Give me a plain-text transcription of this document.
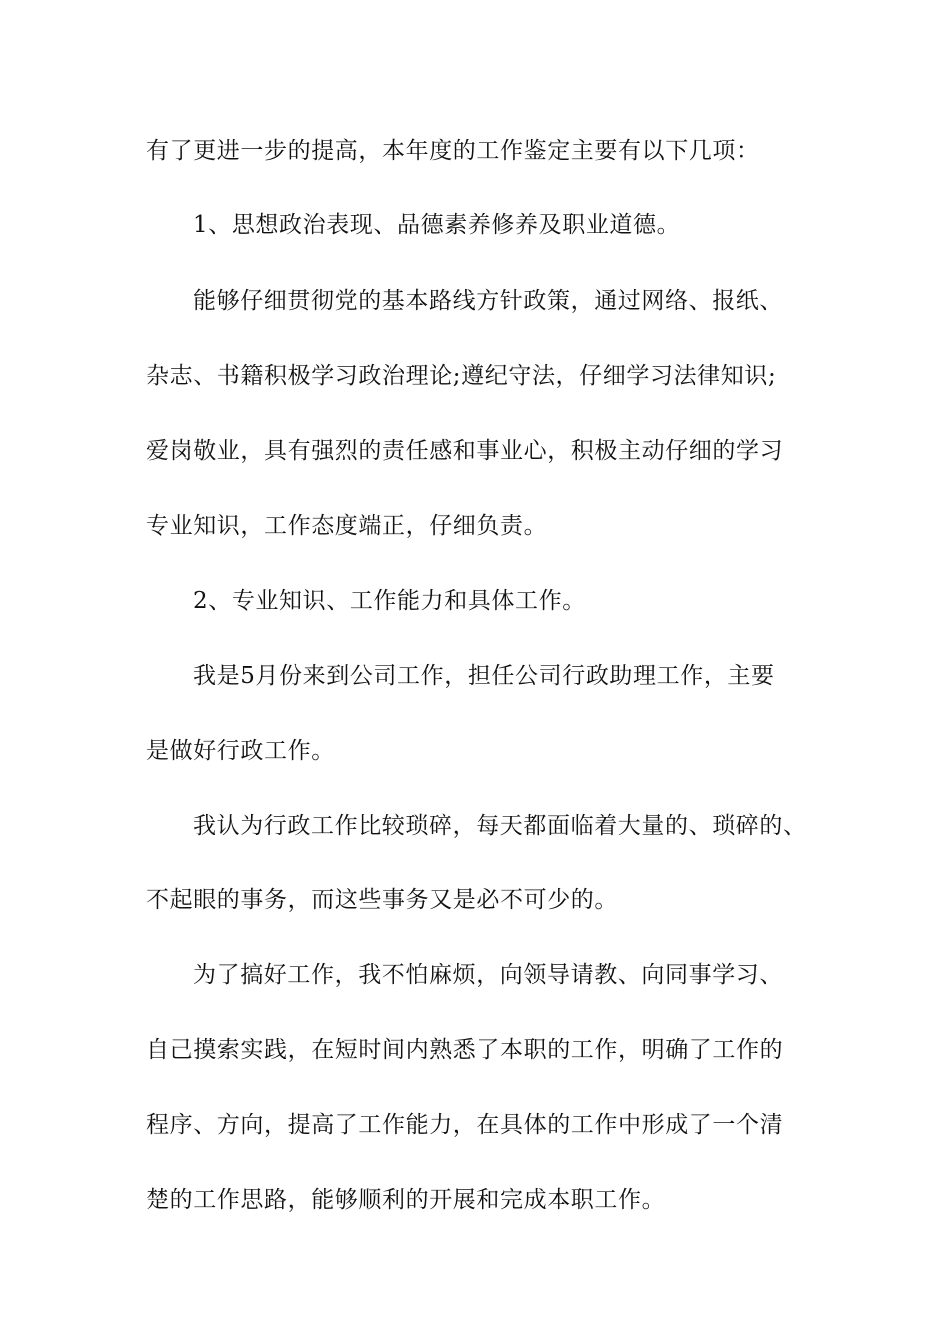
有了更进一步的提高，本年度的工作鉴定主要有以下几项：
1、思想政治表现、品德素养修养及职业道德。
能够仔细贯彻党的基本路线方针政策，通过网络、报纸、
杂志、书籍积极学习政治理论;遵纪守法，仔细学习法律知识;
爱岗敬业，具有强烈的责任感和事业心，积极主动仔细的学习
专业知识，工作态度端正，仔细负责。
2、专业知识、工作能力和具体工作。
我是5月份来到公司工作，担任公司行政助理工作，主要
是做好行政工作。
我认为行政工作比较琐碎，每天都面临着大量的、琐碎的、
不起眼的事务，而这些事务又是必不可少的。
为了搞好工作，我不怕麻烦，向领导请教、向同事学习、
自己摸索实践，在短时间内熟悉了本职的工作，明确了工作的
程序、方向，提高了工作能力，在具体的工作中形成了一个清
楚的工作思路，能够顺利的开展和完成本职工作。
